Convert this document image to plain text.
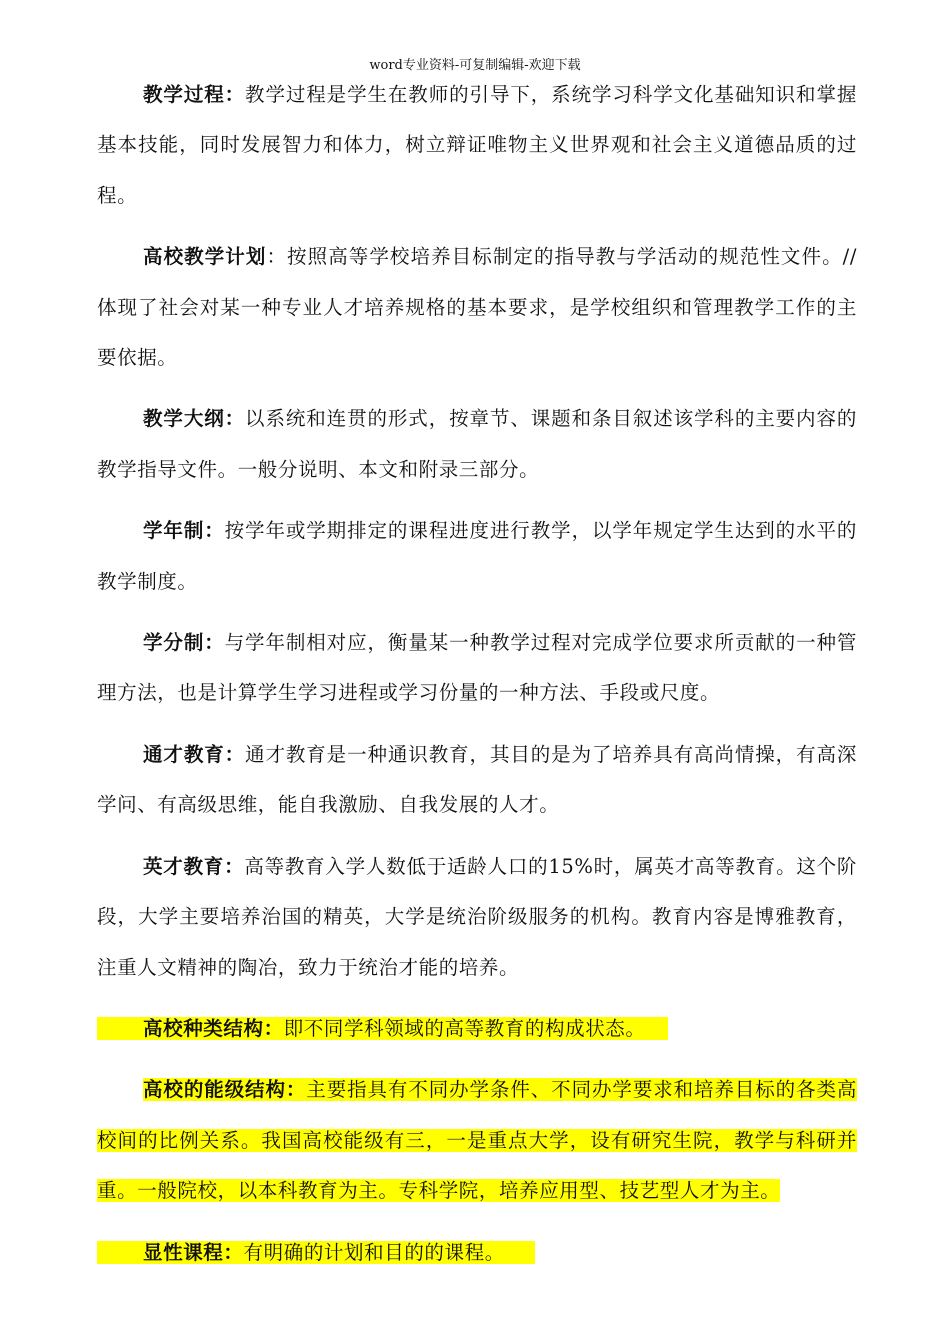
word专业资料-可复制编辑-欢迎下载

教学过程：教学过程是学生在教师的引导下，系统学习科学文化基础知识和掌握基本技能，同时发展智力和体力，树立辩证唯物主义世界观和社会主义道德品质的过程。

高校教学计划：按照高等学校培养目标制定的指导教与学活动的规范性文件。//体现了社会对某一种专业人才培养规格的基本要求，是学校组织和管理教学工作的主要依据。

教学大纲：以系统和连贯的形式，按章节、课题和条目叙述该学科的主要内容的教学指导文件。一般分说明、本文和附录三部分。

学年制：按学年或学期排定的课程进度进行教学，以学年规定学生达到的水平的教学制度。

学分制：与学年制相对应，衡量某一种教学过程对完成学位要求所贡献的一种管理方法，也是计算学生学习进程或学习份量的一种方法、手段或尺度。

通才教育：通才教育是一种通识教育，其目的是为了培养具有高尚情操，有高深学问、有高级思维，能自我激励、自我发展的人才。

英才教育：高等教育入学人数低于适龄人口的15%时，属英才高等教育。这个阶段，大学主要培养治国的精英，大学是统治阶级服务的机构。教育内容是博雅教育，注重人文精神的陶冶，致力于统治才能的培养。

高校种类结构：即不同学科领域的高等教育的构成状态。

高校的能级结构：主要指具有不同办学条件、不同办学要求和培养目标的各类高校间的比例关系。我国高校能级有三，一是重点大学，设有研究生院，教学与科研并重。一般院校，以本科教育为主。专科学院，培养应用型、技艺型人才为主。

显性课程：有明确的计划和目的的课程。
